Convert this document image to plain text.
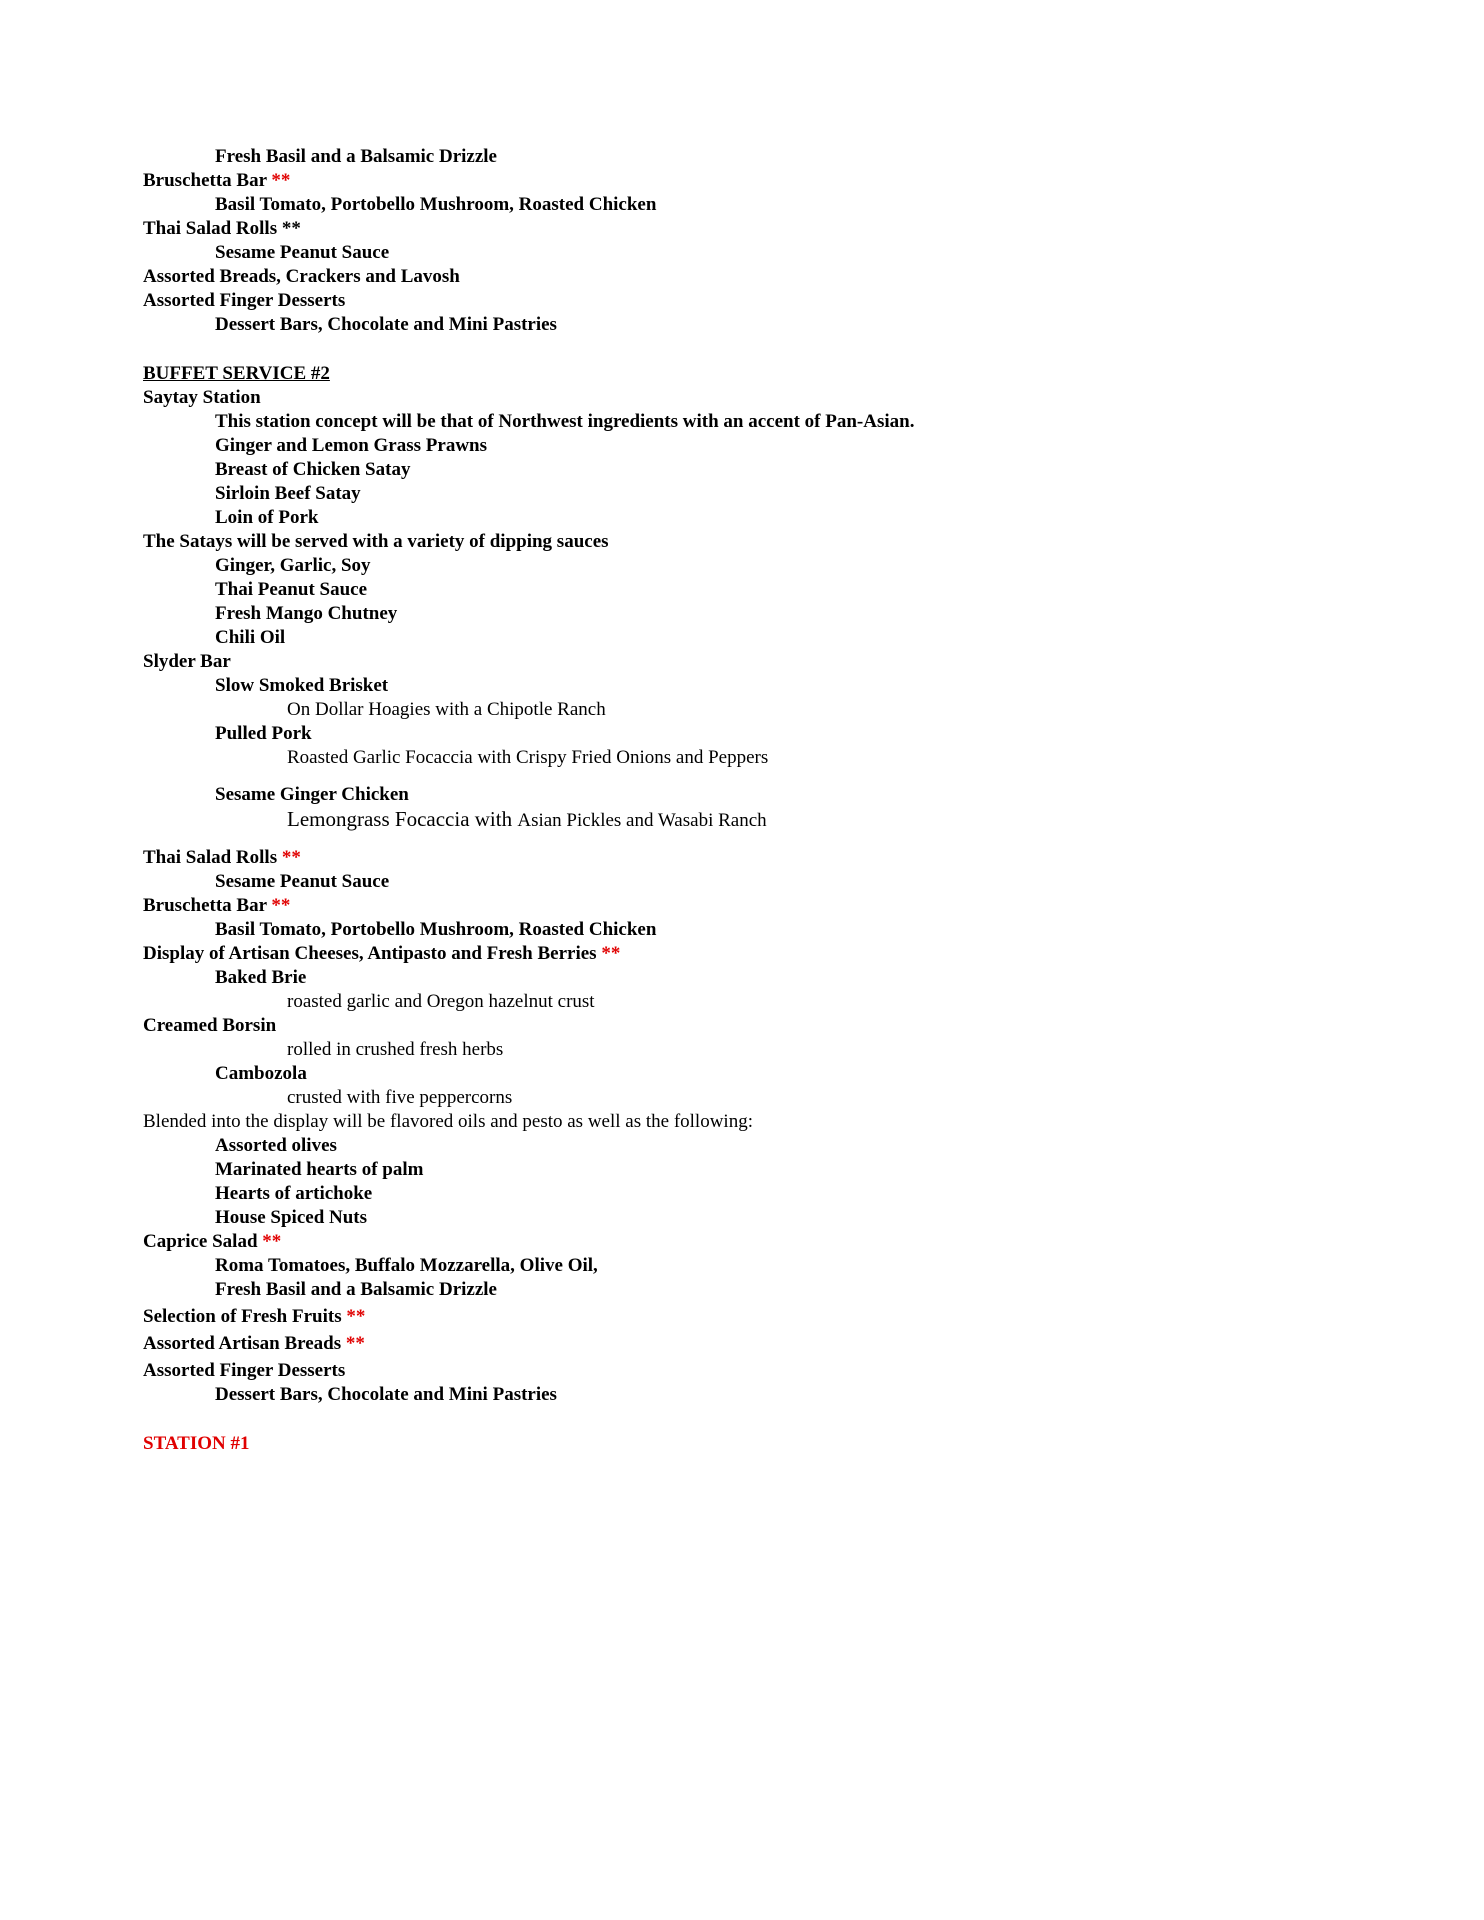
Fresh Basil and a Balsamic Drizzle
Bruschetta Bar **
Basil Tomato, Portobello Mushroom, Roasted Chicken
Thai Salad Rolls **
Sesame Peanut Sauce
Assorted Breads, Crackers and Lavosh
Assorted Finger Desserts
Dessert Bars, Chocolate and Mini Pastries
BUFFET SERVICE #2
Saytay Station
This station concept will be that of Northwest ingredients with an accent of Pan-Asian.
Ginger and Lemon Grass Prawns
Breast of Chicken Satay
Sirloin Beef Satay
Loin of Pork
The Satays will be served with a variety of dipping sauces
Ginger, Garlic, Soy
Thai Peanut Sauce
Fresh Mango Chutney
Chili Oil
Slyder Bar
Slow Smoked Brisket
On Dollar Hoagies with a Chipotle Ranch
Pulled Pork
Roasted Garlic Focaccia with Crispy Fried Onions and Peppers
Sesame Ginger Chicken
Lemongrass Focaccia with Asian Pickles and Wasabi Ranch
Thai Salad Rolls **
Sesame Peanut Sauce
Bruschetta Bar **
Basil Tomato, Portobello Mushroom, Roasted Chicken
Display of Artisan Cheeses, Antipasto and Fresh Berries **
Baked Brie
roasted garlic and Oregon hazelnut crust
Creamed Borsin
rolled in crushed fresh herbs
Cambozola
crusted with five peppercorns
Blended into the display will be flavored oils and pesto as well as the following:
Assorted olives
Marinated hearts of palm
Hearts of artichoke
House Spiced Nuts
Caprice Salad **
Roma Tomatoes, Buffalo Mozzarella, Olive Oil,
Fresh Basil and a Balsamic Drizzle
Selection of Fresh Fruits **
Assorted Artisan Breads **
Assorted Finger Desserts
Dessert Bars, Chocolate and Mini Pastries
STATION #1
